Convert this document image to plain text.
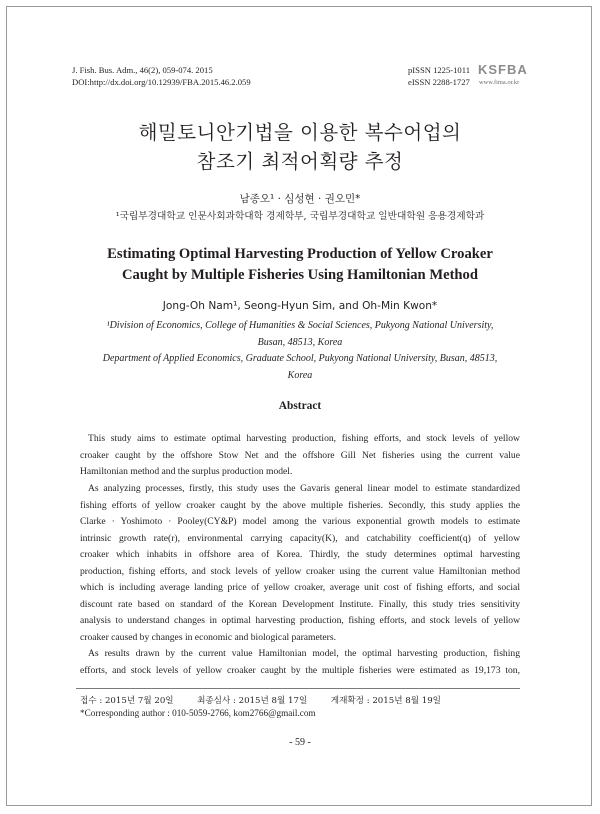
J. Fish. Bus. Adm., 46(2), 059-074. 2015
DOI:http://dx.doi.org/10.12939/FBA.2015.46.2.059
pISSN 1225-1011
eISSN 2288-1727
KSFBA
www.fima.or.kr
해밀토니안기법을 이용한 복수어업의
참조기 최적어획량 추정
남종오¹ · 심성현 · 권오민*
¹국립부경대학교 인문사회과학대학 경제학부, 국립부경대학교 일반대학원 응용경제학과
Estimating Optimal Harvesting Production of Yellow Croaker
Caught by Multiple Fisheries Using Hamiltonian Method
Jong-Oh Nam¹, Seong-Hyun Sim, and Oh-Min Kwon*
¹Division of Economics, College of Humanities & Social Sciences, Pukyong National University,
Busan, 48513, Korea
Department of Applied Economics, Graduate School, Pukyong National University, Busan, 48513,
Korea
Abstract
This study aims to estimate optimal harvesting production, fishing efforts, and stock levels of yellow
croaker caught by the offshore Stow Net and the offshore Gill Net fisheries using the current value
Hamiltonian method and the surplus production model.
As analyzing processes, firstly, this study uses the Gavaris general linear model to estimate standardized
fishing efforts of yellow croaker caught by the above multiple fisheries. Secondly, this study applies the
Clarke · Yoshimoto · Pooley(CY&P) model among the various exponential growth models to estimate
intrinsic growth rate(r), environmental carrying capacity(K), and catchability coefficient(q) of yellow
croaker which inhabits in offshore area of Korea. Thirdly, the study determines optimal harvesting
production, fishing efforts, and stock levels of yellow croaker using the current value Hamiltonian method
which is including average landing price of yellow croaker, average unit cost of fishing efforts, and social
discount rate based on standard of the Korean Development Institute. Finally, this study tries sensitivity
analysis to understand changes in optimal harvesting production, fishing efforts, and stock levels of yellow
croaker caused by changes in economic and biological parameters.
As results drawn by the current value Hamiltonian model, the optimal harvesting production, fishing
efforts, and stock levels of yellow croaker caught by the multiple fisheries were estimated as 19,173 ton,
접수 : 2015년 7월 20일	최종심사 : 2015년 8월 17일	게재확정 : 2015년 8월 19일
*Corresponding author : 010-5059-2766, kom2766@gmail.com
- 59 -
